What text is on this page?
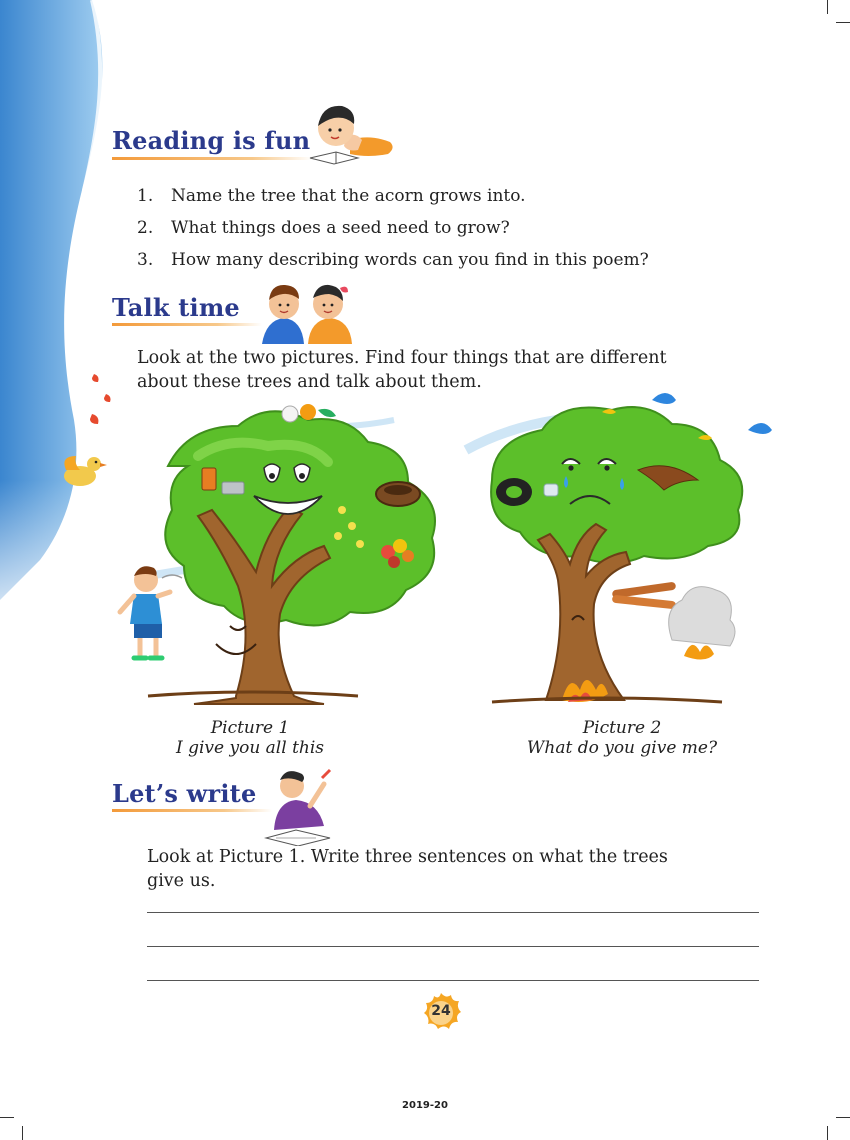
Reading is fun
1.	Name the tree that the acorn grows into.
2.	What things does a seed need to grow?
3.	How many describing words can you find in this poem?
Talk time
Look at the two pictures. Find four things that are different
about these trees and talk about them.
Picture 1
I give you all this
Picture 2
What do you give me?
Let’s write
Look at Picture 1. Write three sentences on what the trees
give us.
24
2019-20
